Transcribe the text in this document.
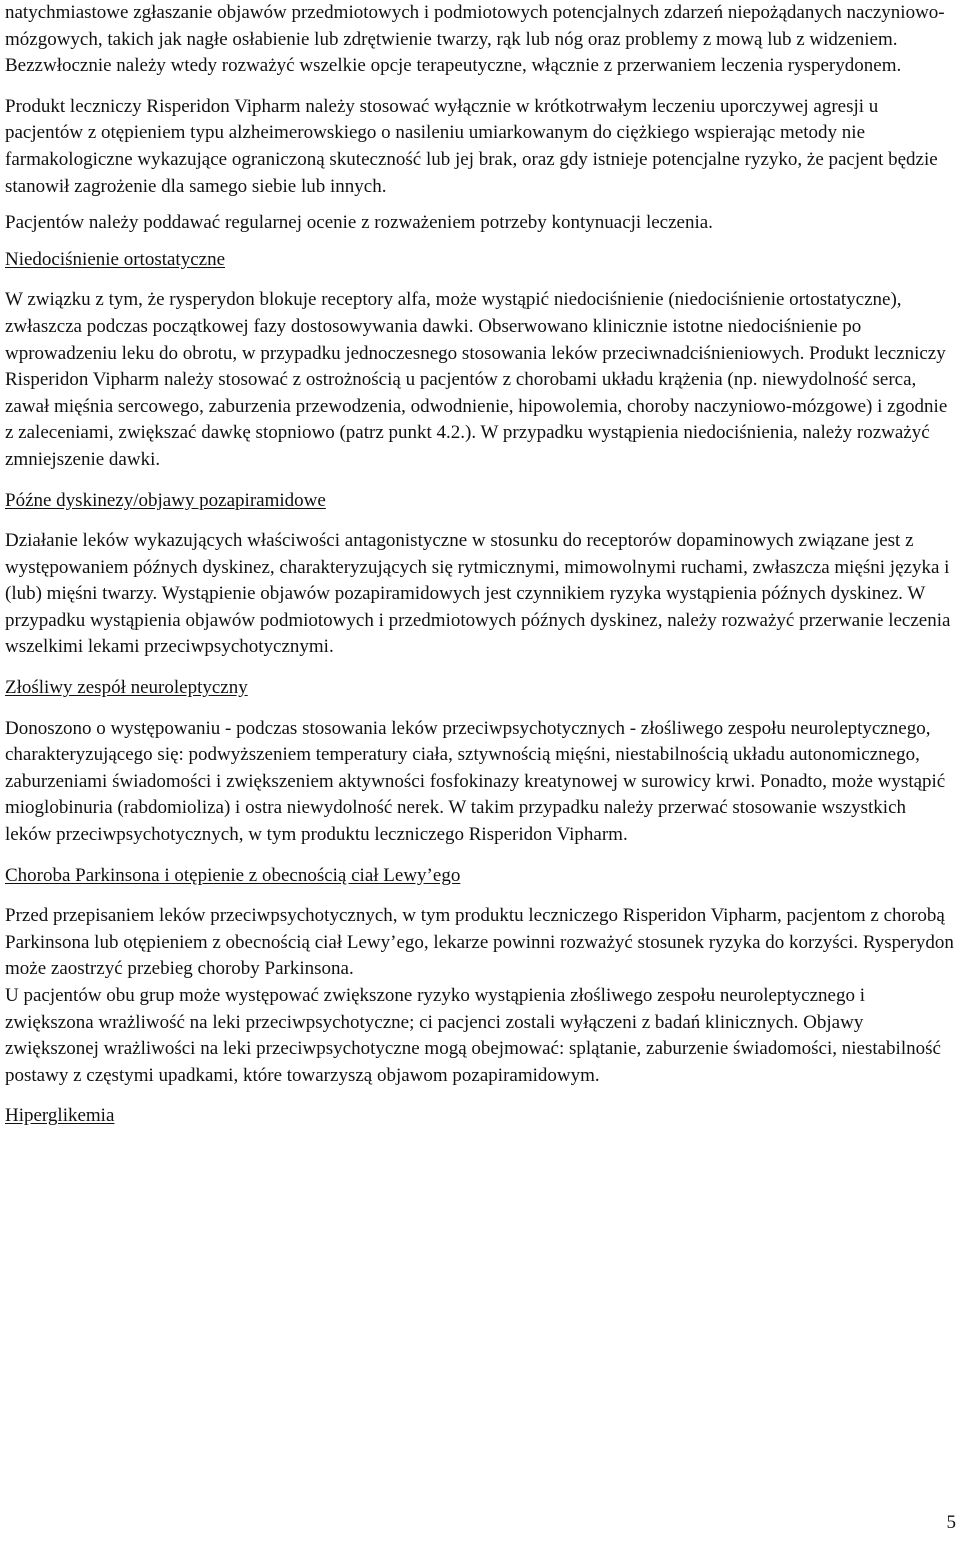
natychmiastowe zgłaszanie objawów przedmiotowych i podmiotowych potencjalnych zdarzeń niepożądanych naczyniowo-mózgowych, takich jak nagłe osłabienie lub zdrętwienie twarzy, rąk lub nóg oraz problemy z mową lub z widzeniem. Bezzwłocznie należy wtedy rozważyć wszelkie opcje terapeutyczne, włącznie z przerwaniem leczenia rysperydonem.

Produkt leczniczy Risperidon Vipharm należy stosować wyłącznie w krótkotrwałym leczeniu uporczywej agresji u pacjentów z otępieniem typu alzheimerowskiego o nasileniu umiarkowanym do ciężkiego wspierając metody nie farmakologiczne wykazujące ograniczoną skuteczność lub jej brak, oraz gdy istnieje potencjalne ryzyko, że pacjent będzie stanowił zagrożenie dla samego siebie lub innych.

Pacjentów należy poddawać regularnej ocenie z rozważeniem potrzeby kontynuacji leczenia.

Niedociśnienie ortostatyczne

W związku z tym, że rysperydon blokuje receptory alfa, może wystąpić niedociśnienie (niedociśnienie ortostatyczne), zwłaszcza podczas początkowej fazy dostosowywania dawki. Obserwowano klinicznie istotne niedociśnienie po wprowadzeniu leku do obrotu, w przypadku jednoczesnego stosowania leków przeciwnadciśnieniowych. Produkt leczniczy Risperidon Vipharm należy stosować z ostrożnością u pacjentów z chorobami układu krążenia (np. niewydolność serca, zawał mięśnia sercowego, zaburzenia przewodzenia, odwodnienie, hipowolemia, choroby naczyniowo-mózgowe) i zgodnie z zaleceniami, zwiększać dawkę stopniowo (patrz punkt 4.2.). W przypadku wystąpienia niedociśnienia, należy rozważyć zmniejszenie dawki.

Późne dyskinezy/objawy pozapiramidowe

Działanie leków wykazujących właściwości antagonistyczne w stosunku do receptorów dopaminowych związane jest z występowaniem późnych dyskinez, charakteryzujących się rytmicznymi, mimowolnymi ruchami, zwłaszcza mięśni języka i (lub) mięśni twarzy. Wystąpienie objawów pozapiramidowych jest czynnikiem ryzyka wystąpienia późnych dyskinez. W przypadku wystąpienia objawów podmiotowych i przedmiotowych późnych dyskinez, należy rozważyć przerwanie leczenia wszelkimi lekami przeciwpsychotycznymi.

Złośliwy zespół neuroleptyczny

Donoszono o występowaniu - podczas stosowania leków przeciwpsychotycznych - złośliwego zespołu neuroleptycznego, charakteryzującego się: podwyższeniem temperatury ciała, sztywnością mięśni, niestabilnością układu autonomicznego, zaburzeniami świadomości i zwiększeniem aktywności fosfokinazy kreatynowej w surowicy krwi. Ponadto, może wystąpić mioglobinuria (rabdomioliza) i ostra niewydolność nerek. W takim przypadku należy przerwać stosowanie wszystkich leków przeciwpsychotycznych, w tym produktu leczniczego Risperidon Vipharm.

Choroba Parkinsona i otępienie z obecnością ciał Lewy’ego

Przed przepisaniem leków przeciwpsychotycznych, w tym produktu leczniczego Risperidon Vipharm, pacjentom z chorobą Parkinsona lub otępieniem z obecnością ciał Lewy’ego, lekarze powinni rozważyć stosunek ryzyka do korzyści. Rysperydon może zaostrzyć przebieg choroby Parkinsona.

U pacjentów obu grup może występować zwiększone ryzyko wystąpienia złośliwego zespołu neuroleptycznego i zwiększona wrażliwość na leki przeciwpsychotyczne; ci pacjenci zostali wyłączeni z badań klinicznych. Objawy zwiększonej wrażliwości na leki przeciwpsychotyczne mogą obejmować: splątanie, zaburzenie świadomości, niestabilność postawy z częstymi upadkami, które towarzyszą objawom pozapiramidowym.

Hiperglikemia

5
